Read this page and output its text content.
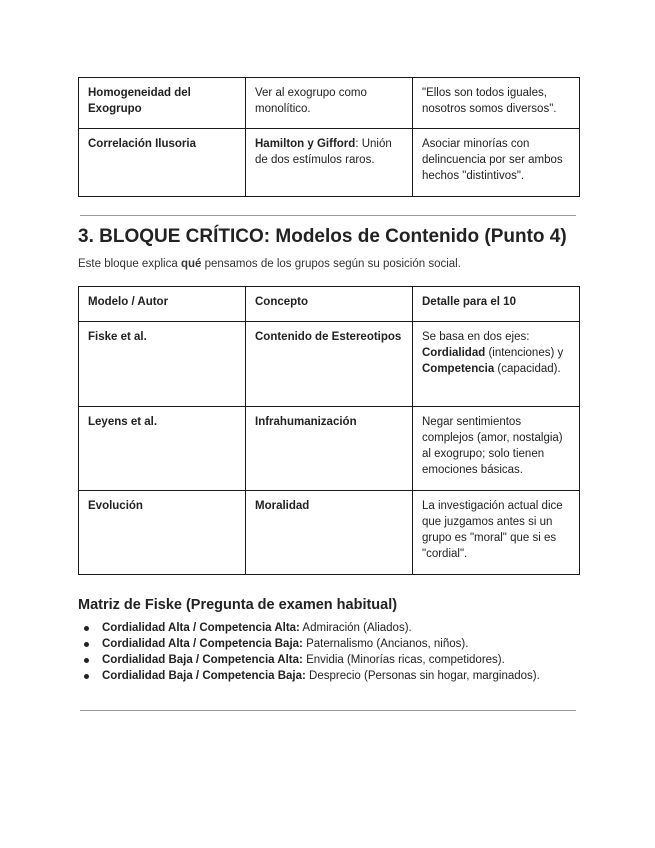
Homogeneidad del Exogrupo	Ver al exogrupo como monolítico.	"Ellos son todos iguales, nosotros somos diversos".
Correlación Ilusoria	Hamilton y Gifford: Unión de dos estímulos raros.	Asociar minorías con delincuencia por ser ambos hechos "distintivos".
3. BLOQUE CRÍTICO: Modelos de Contenido (Punto 4)

Este bloque explica qué pensamos de los grupos según su posición social.

Modelo / Autor	Concepto	Detalle para el 10
Fiske et al.	Contenido de Estereotipos	Se basa en dos ejes: Cordialidad (intenciones) y Competencia (capacidad).
Leyens et al.	Infrahumanización	Negar sentimientos complejos (amor, nostalgia) al exogrupo; solo tienen emociones básicas.
Evolución	Moralidad	La investigación actual dice que juzgamos antes si un grupo es "moral" que si es "cordial".
Matriz de Fiske (Pregunta de examen habitual)
Cordialidad Alta / Competencia Alta: Admiración (Aliados).
Cordialidad Alta / Competencia Baja: Paternalismo (Ancianos, niños).
Cordialidad Baja / Competencia Alta: Envidia (Minorías ricas, competidores).
Cordialidad Baja / Competencia Baja: Desprecio (Personas sin hogar, marginados).
